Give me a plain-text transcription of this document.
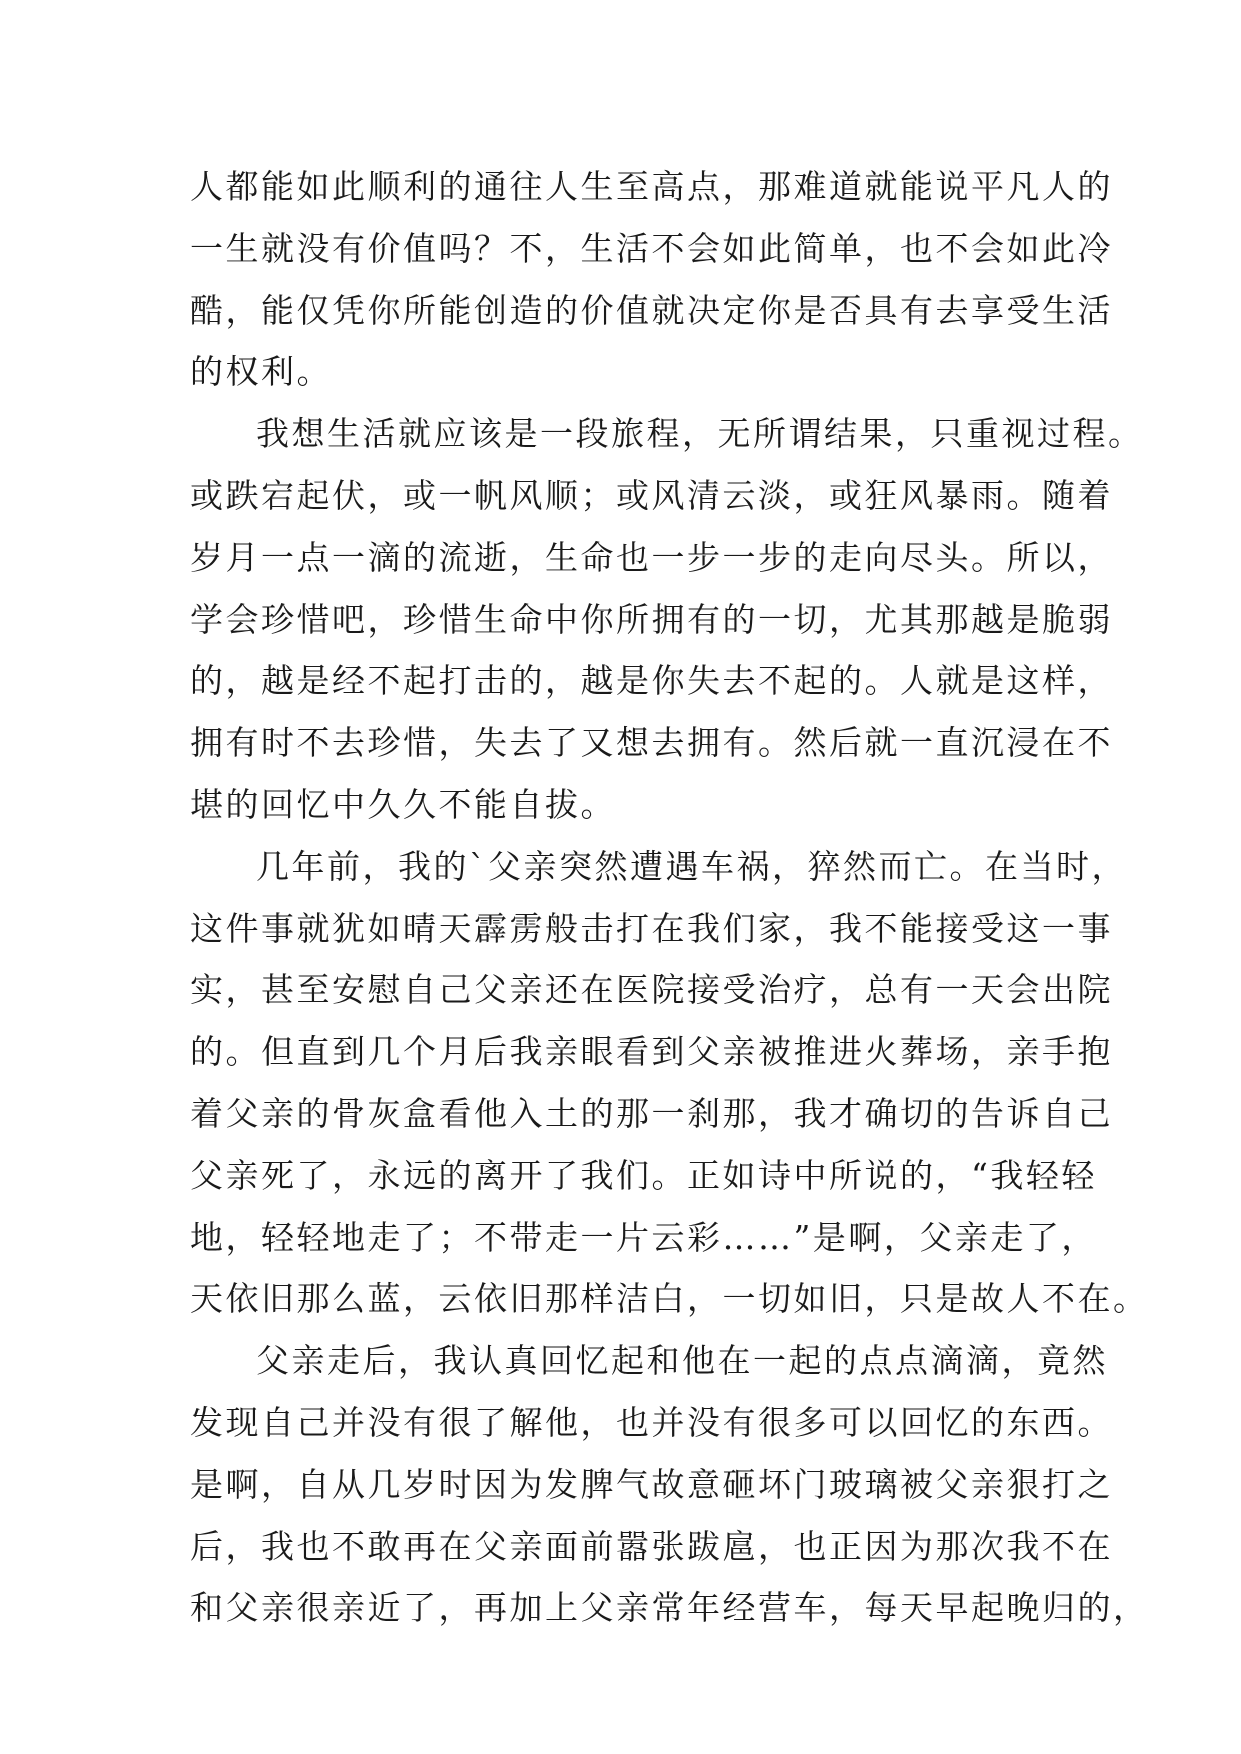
人都能如此顺利的通往人生至高点，那难道就能说平凡人的
一生就没有价值吗？不，生活不会如此简单，也不会如此冷
酷，能仅凭你所能创造的价值就决定你是否具有去享受生活
的权利。
我想生活就应该是一段旅程，无所谓结果，只重视过程。
或跌宕起伏，或一帆风顺；或风清云淡，或狂风暴雨。随着
岁月一点一滴的流逝，生命也一步一步的走向尽头。所以，
学会珍惜吧，珍惜生命中你所拥有的一切，尤其那越是脆弱
的，越是经不起打击的，越是你失去不起的。人就是这样，
拥有时不去珍惜，失去了又想去拥有。然后就一直沉浸在不
堪的回忆中久久不能自拔。
几年前，我的`父亲突然遭遇车祸，猝然而亡。在当时，
这件事就犹如晴天霹雳般击打在我们家，我不能接受这一事
实，甚至安慰自己父亲还在医院接受治疗，总有一天会出院
的。但直到几个月后我亲眼看到父亲被推进火葬场，亲手抱
着父亲的骨灰盒看他入土的那一刹那，我才确切的告诉自己
父亲死了，永远的离开了我们。正如诗中所说的，“我轻轻
地，轻轻地走了；不带走一片云彩……”是啊，父亲走了，
天依旧那么蓝，云依旧那样洁白，一切如旧，只是故人不在。
父亲走后，我认真回忆起和他在一起的点点滴滴，竟然
发现自己并没有很了解他，也并没有很多可以回忆的东西。
是啊，自从几岁时因为发脾气故意砸坏门玻璃被父亲狠打之
后，我也不敢再在父亲面前嚣张跋扈，也正因为那次我不在
和父亲很亲近了，再加上父亲常年经营车，每天早起晚归的，
